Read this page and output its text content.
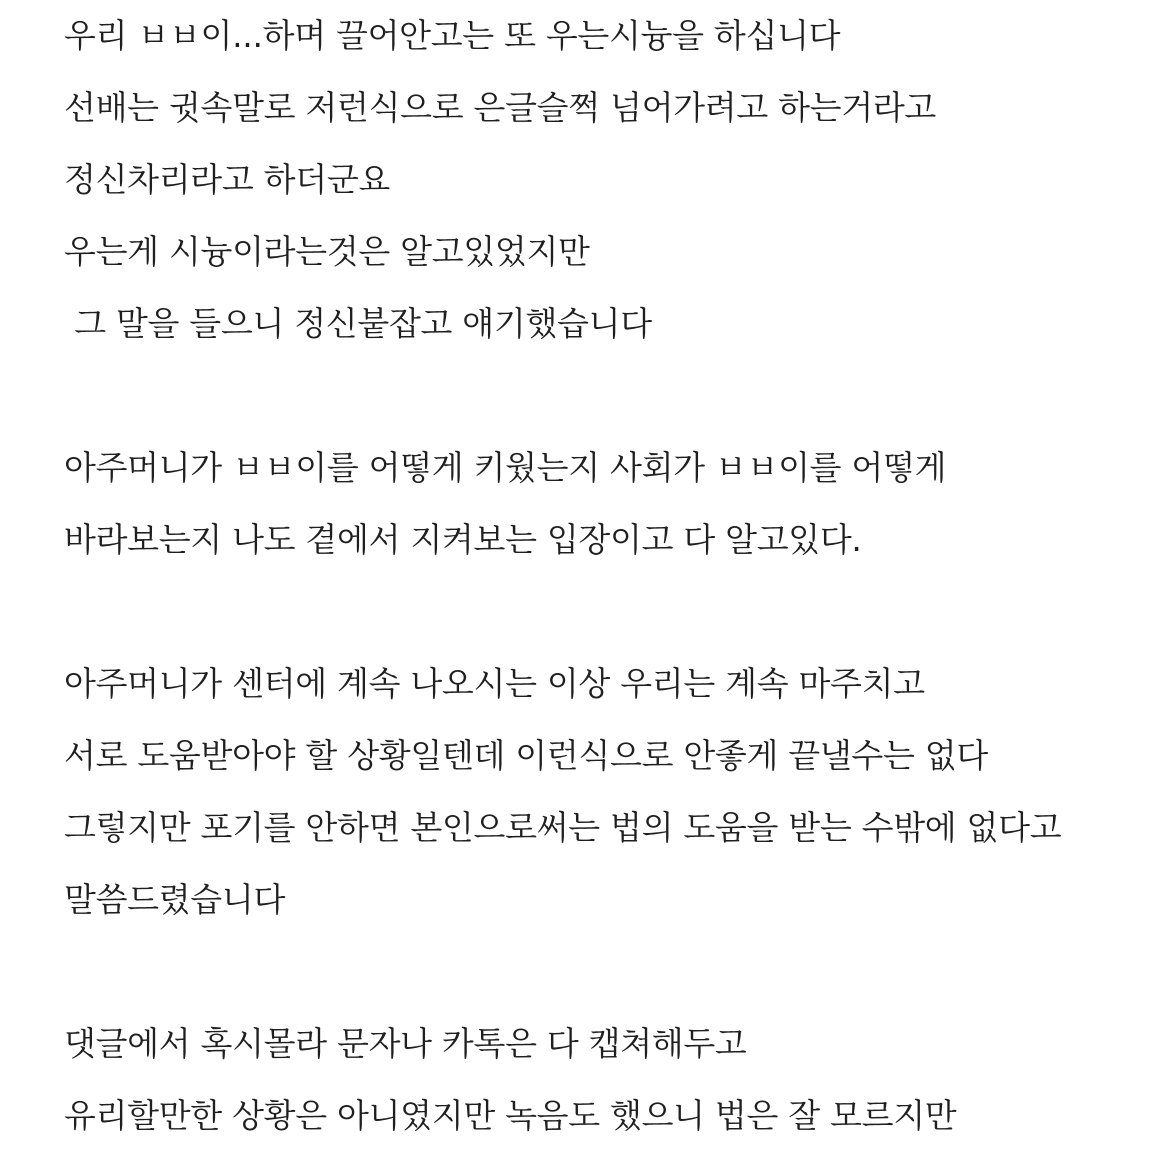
우리 ㅂㅂ이...하며 끌어안고는 또 우는시늉을 하십니다
선배는 귓속말로 저런식으로 은글슬쩍 넘어가려고 하는거라고
정신차리라고 하더군요
우는게 시늉이라는것은 알고있었지만
그 말을 들으니 정신붙잡고 얘기했습니다
아주머니가 ㅂㅂ이를 어떻게 키웠는지 사회가 ㅂㅂ이를 어떻게
바라보는지 나도 곁에서 지켜보는 입장이고 다 알고있다.
아주머니가 센터에 계속 나오시는 이상 우리는 계속 마주치고
서로 도움받아야 할 상황일텐데 이런식으로 안좋게 끝낼수는 없다
그렇지만 포기를 안하면 본인으로써는 법의 도움을 받는 수밖에 없다고
말씀드렸습니다
댓글에서 혹시몰라 문자나 카톡은 다 캡쳐해두고
유리할만한 상황은 아니였지만 녹음도 했으니 법은 잘 모르지만
